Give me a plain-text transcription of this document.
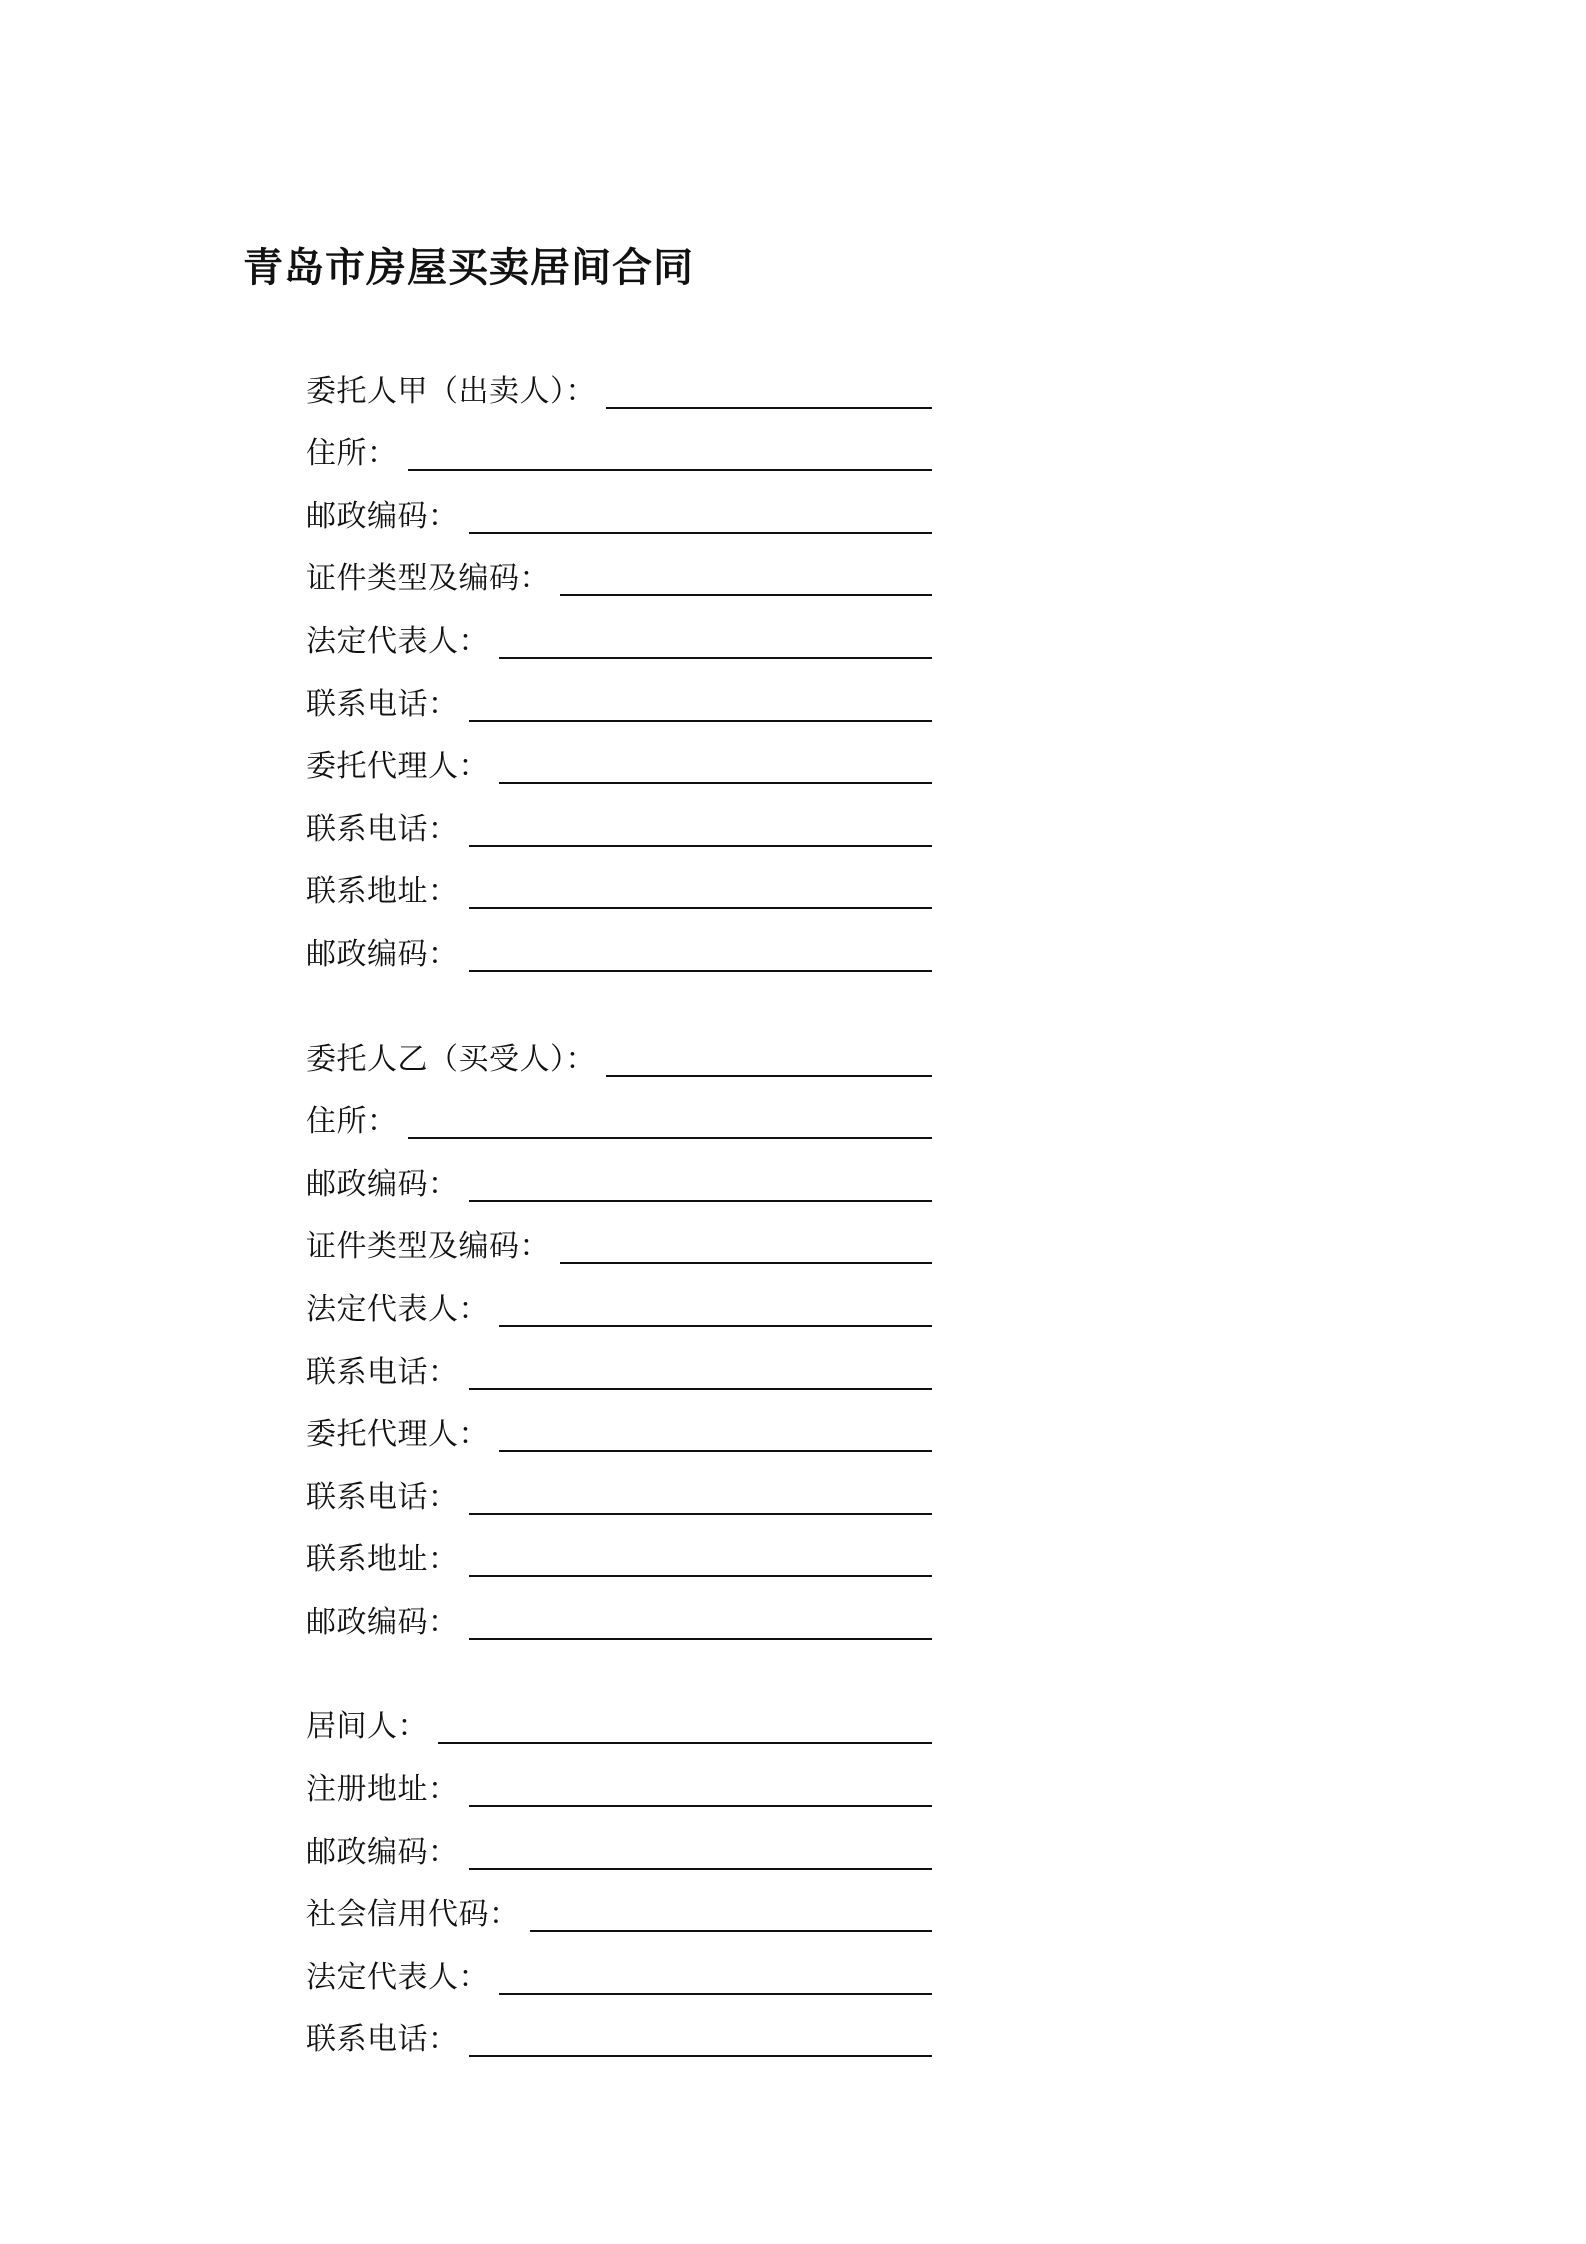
青岛市房屋买卖居间合同
委托人甲（出卖人）：
住所：
邮政编码：
证件类型及编码：
法定代表人：
联系电话：
委托代理人：
联系电话：
联系地址：
邮政编码：
委托人乙（买受人）：
住所：
邮政编码：
证件类型及编码：
法定代表人：
联系电话：
委托代理人：
联系电话：
联系地址：
邮政编码：
居间人：
注册地址：
邮政编码：
社会信用代码：
法定代表人：
联系电话：
